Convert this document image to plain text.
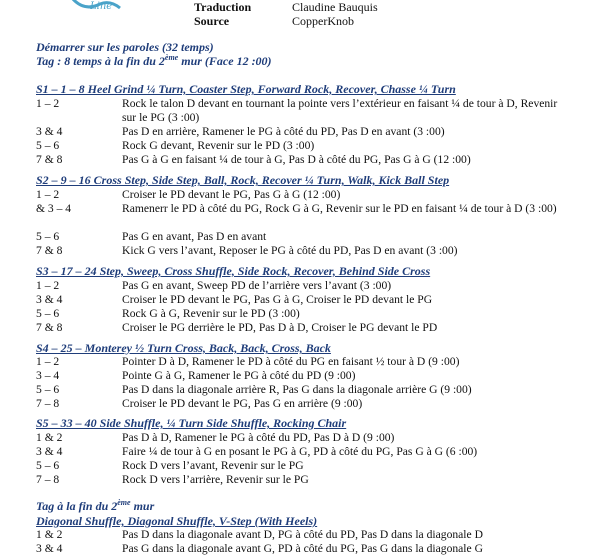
Line	Traduction	Claudine Bauquis
Source	CopperKnob
Démarrer sur les paroles (32 temps)
Tag : 8 temps à la fin du 2ème mur (Face 12 :00)
S1 – 1 – 8 Heel Grind ¼ Turn, Coaster Step, Forward Rock, Recover, Chasse ¼ Turn
1 – 2	Rock le talon D devant en tournant la pointe vers l’extérieur en faisant ¼ de tour à D, Revenir sur le PG (3 :00)
3 & 4	Pas D en arrière, Ramener le PG à côté du PD, Pas D en avant (3 :00)
5 – 6	Rock G devant, Revenir sur le PD (3 :00)
7 & 8	Pas G à G en faisant ¼ de tour à G, Pas D à côté du PG, Pas G à G (12 :00)
S2 – 9 – 16 Cross Step, Side Step, Ball, Rock, Recover ¼ Turn, Walk, Kick Ball Step
1 – 2	Croiser le PD devant le PG, Pas G à G (12 :00)
& 3 – 4	Ramenerr le PD à côté du PG, Rock G à G, Revenir sur le PD en faisant ¼ de tour à D (3 :00)
5 – 6	Pas G en avant, Pas D en avant
7 & 8	Kick G vers l’avant, Reposer le PG à côté du PD, Pas D en avant (3 :00)
S3 – 17 – 24 Step, Sweep, Cross Shuffle, Side Rock, Recover, Behind Side Cross
1 – 2	Pas G en avant, Sweep PD de l’arrière vers l’avant (3 :00)
3 & 4	Croiser le PD devant le PG, Pas G à G, Croiser le PD devant le PG
5 – 6	Rock G à G, Revenir sur le PD (3 :00)
7 & 8	Croiser le PG derrière le PD, Pas D à D, Croiser le PG devant le PD
S4 – 25 – Monterey ½ Turn Cross, Back, Back, Cross, Back
1 – 2	Pointer D à D, Ramener le PD à côté du PG en faisant ½ tour à D (9 :00)
3 – 4	Pointe G à G, Ramener le PG à côté du PD (9 :00)
5 – 6	Pas D dans la diagonale arrière R, Pas G dans la diagonale arrière G (9 :00)
7 – 8	Croiser le PD devant le PG, Pas G en arrière (9 :00)
S5 – 33 – 40 Side Shuffle, ¼ Turn Side Shuffle, Rocking Chair
1 & 2	Pas D à D, Ramener le PG à côté du PD, Pas D à D (9 :00)
3 & 4	Faire ¼ de tour à G en posant le PG à G, PD à côté du PG, Pas G à G (6 :00)
5 – 6	Rock D vers l’avant, Revenir sur le PG
7 – 8	Rock D vers l’arrière, Revenir sur le PG
Tag à la fin du 2ème mur
Diagonal Shuffle, Diagonal Shuffle, V-Step (With Heels)
1 & 2	Pas D dans la diagonale avant D, PG à côté du PD, Pas D dans la diagonale D
3 & 4	Pas G dans la diagonale avant G, PD à côté du PG, Pas G dans la diagonale G
